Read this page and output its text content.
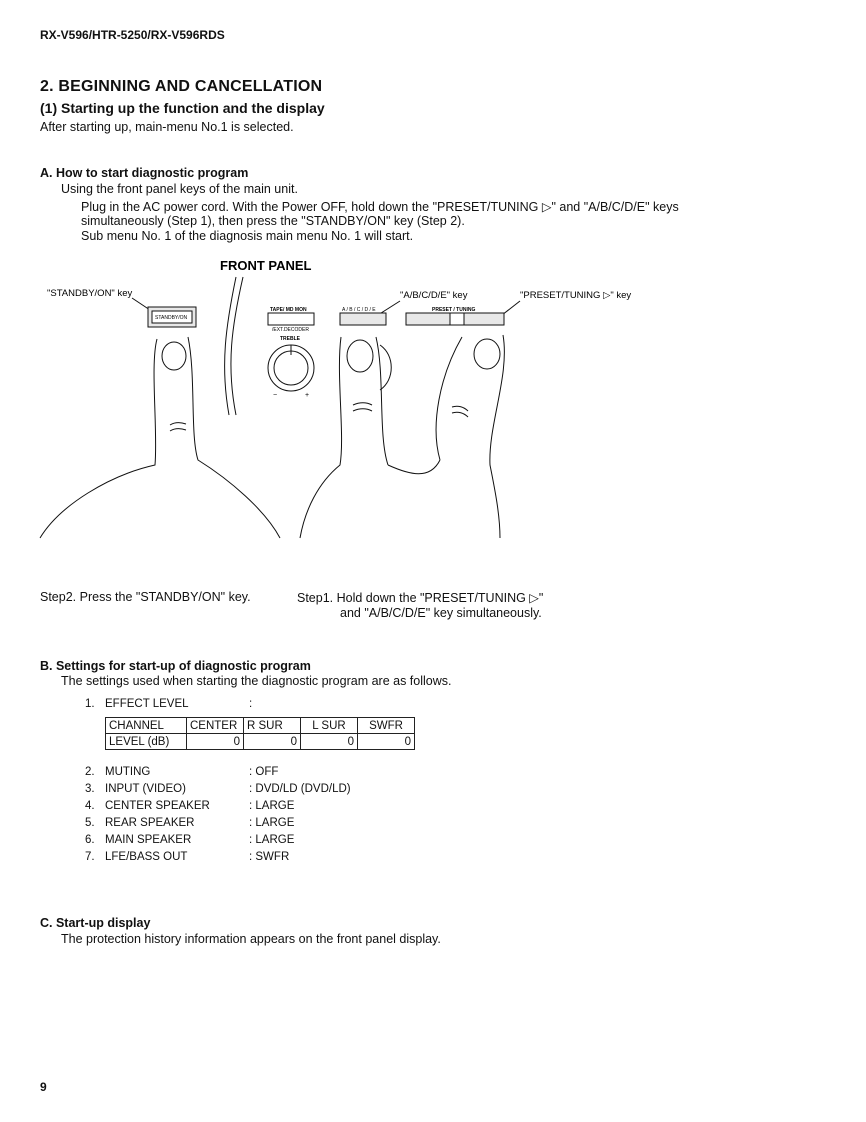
RX-V596/HTR-5250/RX-V596RDS
2. BEGINNING AND CANCELLATION
(1) Starting up the function and the display
After starting up, main-menu No.1 is selected.
A. How to start diagnostic program
Using the front panel keys of the main unit.
Plug in the AC power cord. With the Power OFF, hold down the "PRESET/TUNING ▷" and "A/B/C/D/E" keys
simultaneously (Step 1), then press the "STANDBY/ON" key (Step 2).
Sub menu No. 1 of the diagnosis main menu No. 1 will start.
FRONT PANEL
"STANDBY/ON" key	"A/B/C/D/E" key	"PRESET/TUNING ▷" key
STANDBY/ON
TAPE/ MD MON
/EXT.DECODER
TREBLE
A / B / C / D / E	PRESET / TUNING
−	+
Step2. Press the "STANDBY/ON" key.	Step1. Hold down the "PRESET/TUNING ▷"
and "A/B/C/D/E" key simultaneously.
B. Settings for start-up of diagnostic program
The settings used when starting the diagnostic program are as follows.
1. EFFECT LEVEL	:
CHANNEL	CENTER	R SUR	L SUR	SWFR
LEVEL (dB)	0	0	0	0
2. MUTING	: OFF
3. INPUT (VIDEO)	: DVD/LD (DVD/LD)
4. CENTER SPEAKER	: LARGE
5. REAR SPEAKER	: LARGE
6. MAIN SPEAKER	: LARGE
7. LFE/BASS OUT	: SWFR
C. Start-up display
The protection history information appears on the front panel display.
9
